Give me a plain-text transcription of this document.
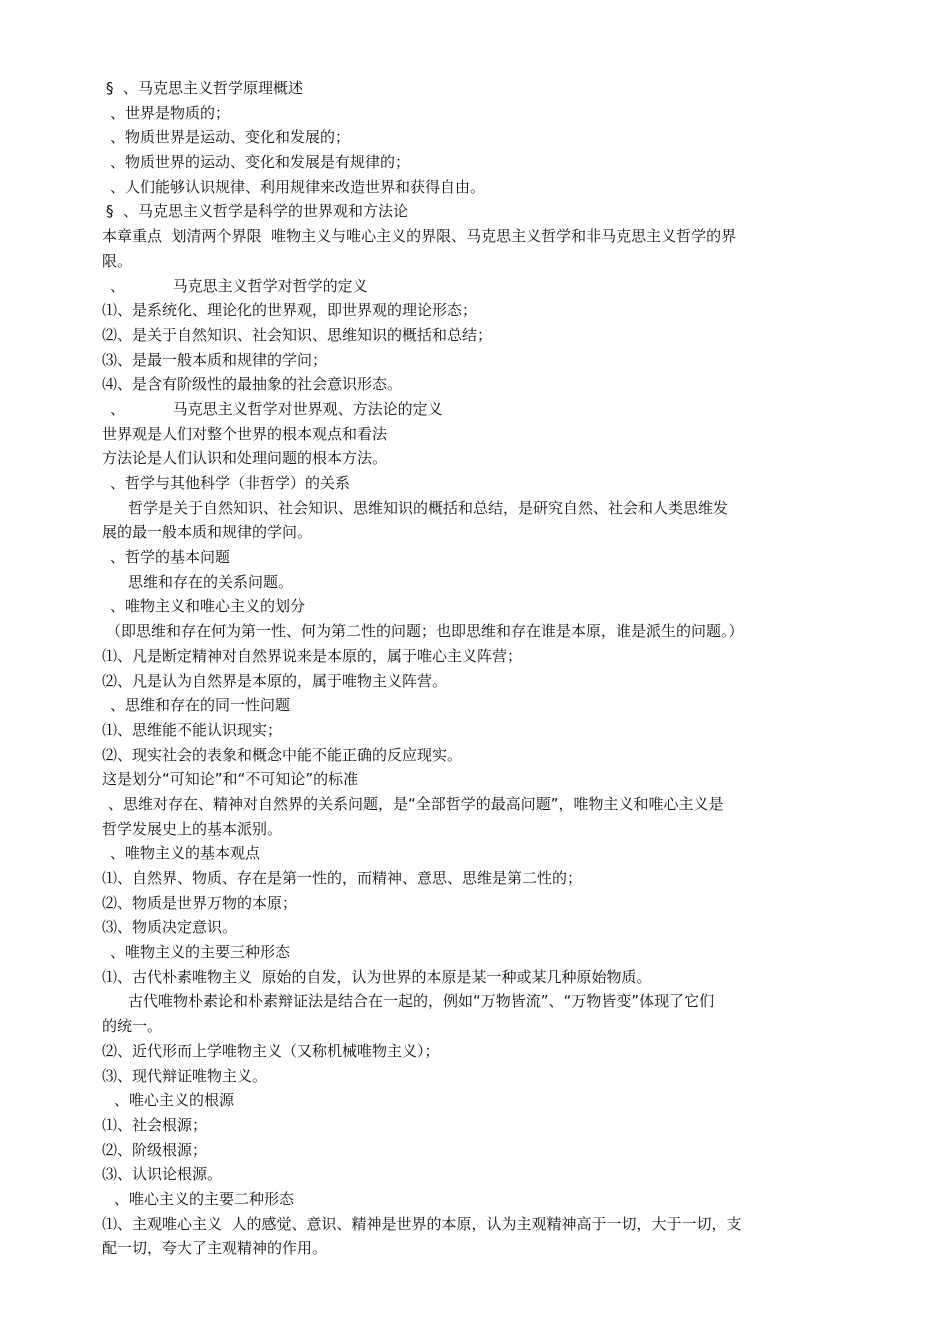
§  、马克思主义哲学原理概述
、世界是物质的；
、物质世界是运动、变化和发展的；
、物质世界的运动、变化和发展是有规律的；
、人们能够认识规律、利用规律来改造世界和获得自由。
§  、马克思主义哲学是科学的世界观和方法论
本章重点  划清两个界限  唯物主义与唯心主义的界限、马克思主义哲学和非马克思主义哲学的界
限。
、          马克思主义哲学对哲学的定义
⑴、是系统化、理论化的世界观，即世界观的理论形态；
⑵、是关于自然知识、社会知识、思维知识的概括和总结；
⑶、是最一般本质和规律的学问；
⑷、是含有阶级性的最抽象的社会意识形态。
、          马克思主义哲学对世界观、方法论的定义
世界观是人们对整个世界的根本观点和看法
方法论是人们认识和处理问题的根本方法。
、哲学与其他科学（非哲学）的关系
哲学是关于自然知识、社会知识、思维知识的概括和总结，是研究自然、社会和人类思维发
展的最一般本质和规律的学问。
、哲学的基本问题
思维和存在的关系问题。
、唯物主义和唯心主义的划分
（即思维和存在何为第一性、何为第二性的问题；也即思维和存在谁是本原，谁是派生的问题。）
⑴、凡是断定精神对自然界说来是本原的，属于唯心主义阵营；
⑵、凡是认为自然界是本原的，属于唯物主义阵营。
、思维和存在的同一性问题
⑴、思维能不能认识现实；
⑵、现实社会的表象和概念中能不能正确的反应现实。
这是划分“可知论”和“不可知论”的标准
、思维对存在、精神对自然界的关系问题，是“全部哲学的最高问题”，唯物主义和唯心主义是
哲学发展史上的基本派别。
、唯物主义的基本观点
⑴、自然界、物质、存在是第一性的，而精神、意思、思维是第二性的；
⑵、物质是世界万物的本原；
⑶、物质决定意识。
、唯物主义的主要三种形态
⑴、古代朴素唯物主义  原始的自发，认为世界的本原是某一种或某几种原始物质。
古代唯物朴素论和朴素辩证法是结合在一起的，例如“万物皆流”、“万物皆变”体现了它们
的统一。
⑵、近代形而上学唯物主义（又称机械唯物主义）；
⑶、现代辩证唯物主义。
、唯心主义的根源
⑴、社会根源；
⑵、阶级根源；
⑶、认识论根源。
、唯心主义的主要二种形态
⑴、主观唯心主义  人的感觉、意识、精神是世界的本原，认为主观精神高于一切，大于一切，支
配一切，夸大了主观精神的作用。
